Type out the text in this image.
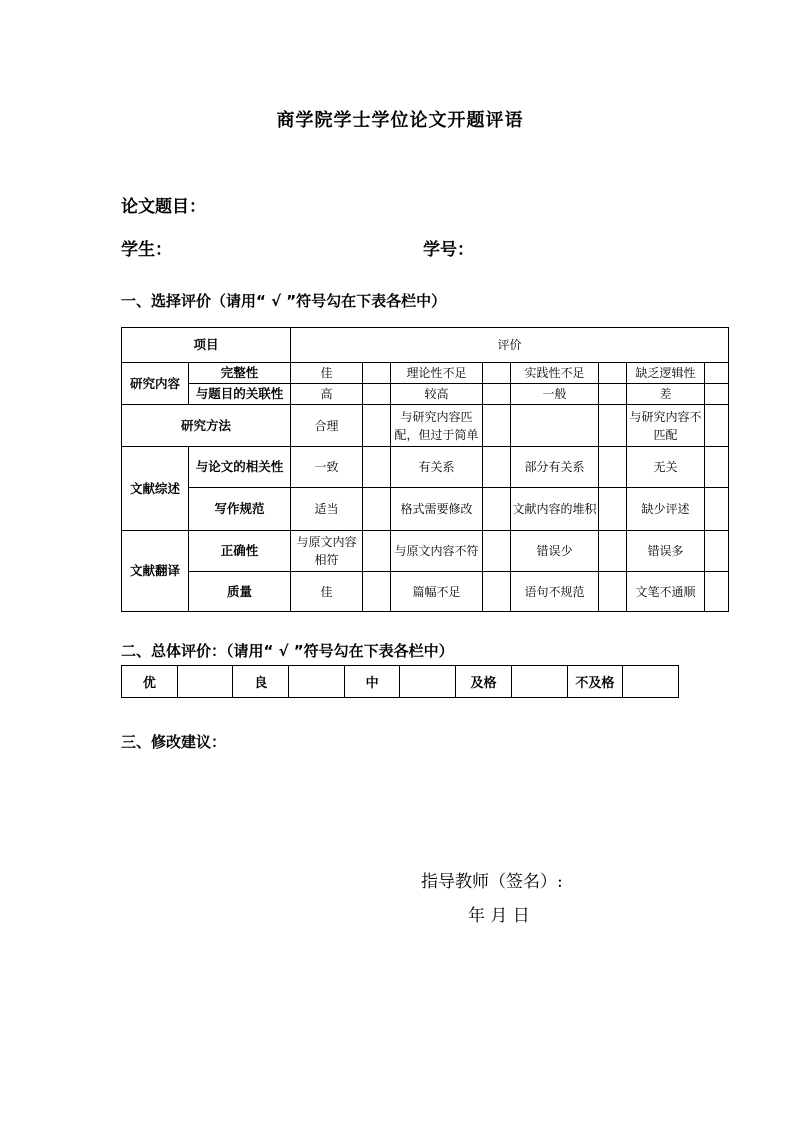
商学院学士学位论文开题评语
论文题目：
学生：	学号：
一、选择评价（请用“ √ ”符号勾在下表各栏中）
项目		评价							
研究内容	完整性	佳		理论性不足		实践性不足		缺乏逻辑性	
	与题目的关联性	高		较高		一般		差	
研究方法		合理		与研究内容匹配，但过于简单				与研究内容不匹配	
文献综述	与论文的相关性	一致		有关系		部分有关系		无关	
	写作规范	适当		格式需要修改		文献内容的堆积		缺少评述	
文献翻译	正确性	与原文内容相符		与原文内容不符		错误少		错误多	
	质量	佳		篇幅不足		语句不规范		文笔不通顺	
二、总体评价：（请用“ √ ”符号勾在下表各栏中）
优		良		中		及格		不及格	
三、修改建议：
指导教师（签名）:
年 月 日
